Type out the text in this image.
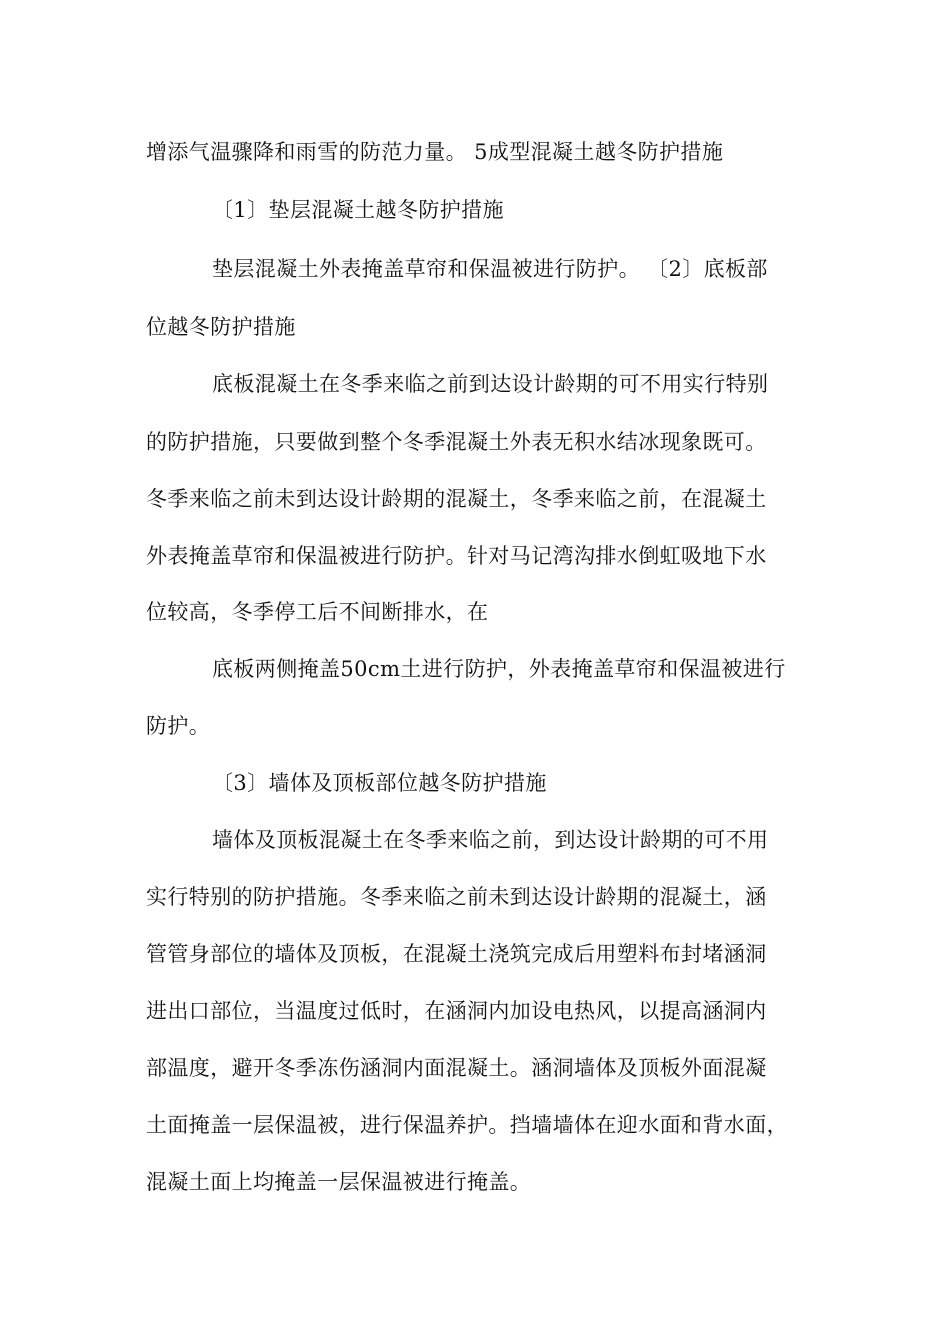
增添气温骤降和雨雪的防范力量。 5成型混凝土越冬防护措施
〔1〕垫层混凝土越冬防护措施
垫层混凝土外表掩盖草帘和保温被进行防护。 〔2〕底板部
位越冬防护措施
底板混凝土在冬季来临之前到达设计龄期的可不用实行特别
的防护措施，只要做到整个冬季混凝土外表无积水结冰现象既可。
冬季来临之前未到达设计龄期的混凝土，冬季来临之前，在混凝土
外表掩盖草帘和保温被进行防护。针对马记湾沟排水倒虹吸地下水
位较高，冬季停工后不间断排水，在
底板两侧掩盖50cm土进行防护，外表掩盖草帘和保温被进行
防护。
〔3〕墙体及顶板部位越冬防护措施
墙体及顶板混凝土在冬季来临之前，到达设计龄期的可不用
实行特别的防护措施。冬季来临之前未到达设计龄期的混凝土，涵
管管身部位的墙体及顶板，在混凝土浇筑完成后用塑料布封堵涵洞
进出口部位，当温度过低时，在涵洞内加设电热风，以提高涵洞内
部温度，避开冬季冻伤涵洞内面混凝土。涵洞墙体及顶板外面混凝
土面掩盖一层保温被，进行保温养护。挡墙墙体在迎水面和背水面，
混凝土面上均掩盖一层保温被进行掩盖。
